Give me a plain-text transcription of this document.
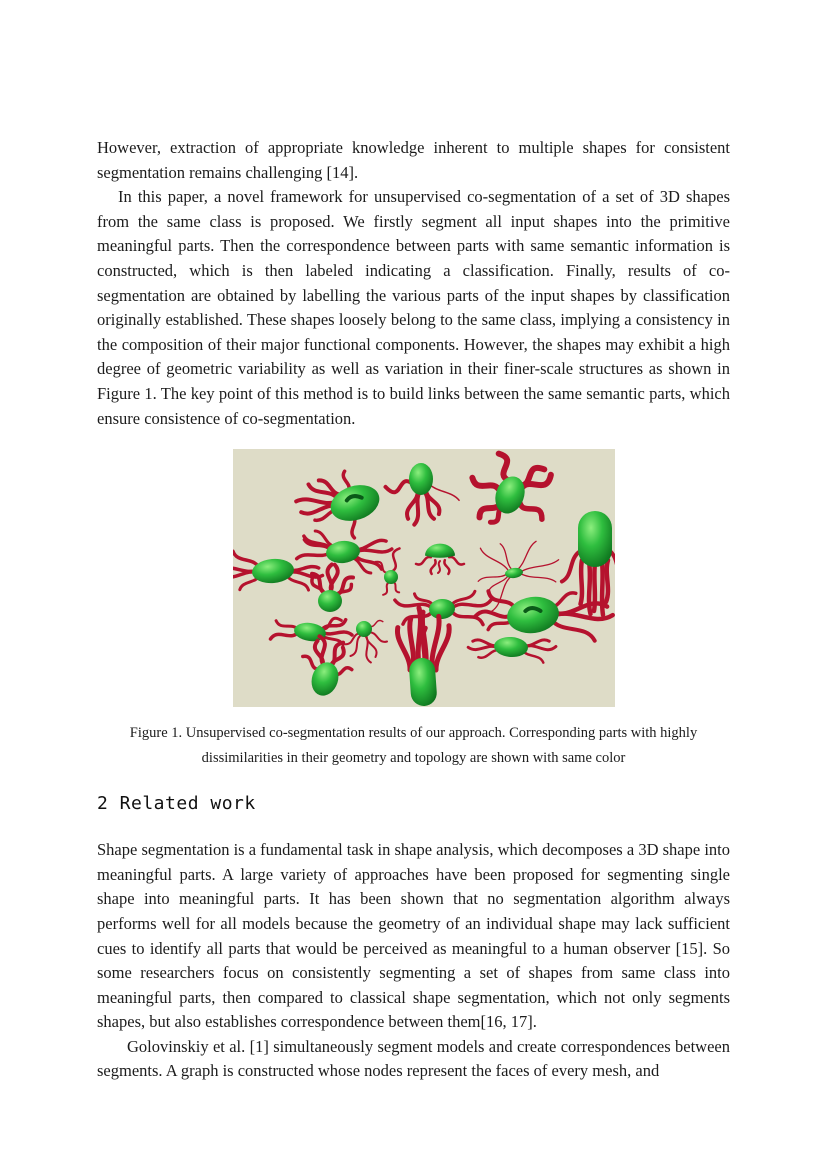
However, extraction of appropriate knowledge inherent to multiple shapes for consistent segmentation remains challenging [14].

In this paper, a novel framework for unsupervised co-segmentation of a set of 3D shapes from the same class is proposed. We firstly segment all input shapes into the primitive meaningful parts. Then the correspondence between parts with same semantic information is constructed, which is then labeled indicating a classification. Finally, results of co-segmentation are obtained by labelling the various parts of the input shapes by classification originally established. These shapes loosely belong to the same class, implying a consistency in the composition of their major functional components. However, the shapes may exhibit a high degree of geometric variability as well as variation in their finer-scale structures as shown in Figure 1. The key point of this method is to build links between the same semantic parts, which ensure consistence of co-segmentation.

Figure 1. Unsupervised co-segmentation results of our approach. Corresponding parts with highly dissimilarities in their geometry and topology are shown with same color
2 Related work

Shape segmentation is a fundamental task in shape analysis, which decomposes a 3D shape into meaningful parts. A large variety of approaches have been proposed for segmenting single shape into meaningful parts. It has been shown that no segmentation algorithm always performs well for all models because the geometry of an individual shape may lack sufficient cues to identify all parts that would be perceived as meaningful to a human observer [15]. So some researchers focus on consistently segmenting a set of shapes from same class into meaningful parts, then compared to classical shape segmentation, which not only segments shapes, but also establishes correspondence between them[16, 17].

Golovinskiy et al. [1] simultaneously segment models and create correspondences between segments. A graph is constructed whose nodes represent the faces of every mesh, and
